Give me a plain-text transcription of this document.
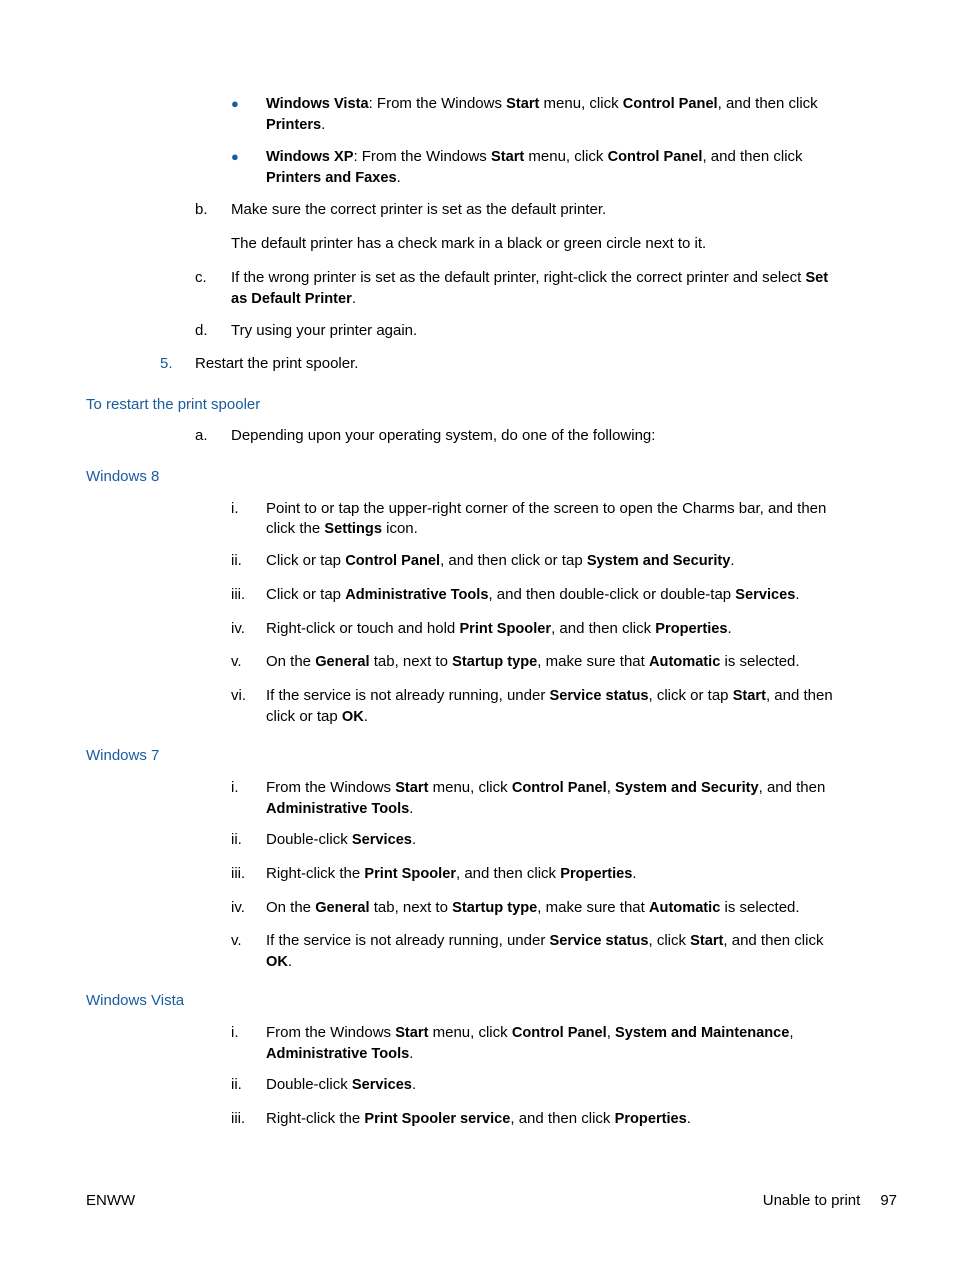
● Windows Vista: From the Windows Start menu, click Control Panel, and then click
Printers.
● Windows XP: From the Windows Start menu, click Control Panel, and then click
Printers and Faxes.
b. Make sure the correct printer is set as the default printer.
The default printer has a check mark in a black or green circle next to it.
c. If the wrong printer is set as the default printer, right-click the correct printer and select Set
as Default Printer.
d. Try using your printer again.
5. Restart the print spooler.
To restart the print spooler
a. Depending upon your operating system, do one of the following:
Windows 8
i. Point to or tap the upper-right corner of the screen to open the Charms bar, and then
click the Settings icon.
ii. Click or tap Control Panel, and then click or tap System and Security.
iii. Click or tap Administrative Tools, and then double-click or double-tap Services.
iv. Right-click or touch and hold Print Spooler, and then click Properties.
v. On the General tab, next to Startup type, make sure that Automatic is selected.
vi. If the service is not already running, under Service status, click or tap Start, and then
click or tap OK.
Windows 7
i. From the Windows Start menu, click Control Panel, System and Security, and then
Administrative Tools.
ii. Double-click Services.
iii. Right-click the Print Spooler, and then click Properties.
iv. On the General tab, next to Startup type, make sure that Automatic is selected.
v. If the service is not already running, under Service status, click Start, and then click
OK.
Windows Vista
i. From the Windows Start menu, click Control Panel, System and Maintenance,
Administrative Tools.
ii. Double-click Services.
iii. Right-click the Print Spooler service, and then click Properties.
ENWW	Unable to print 97
